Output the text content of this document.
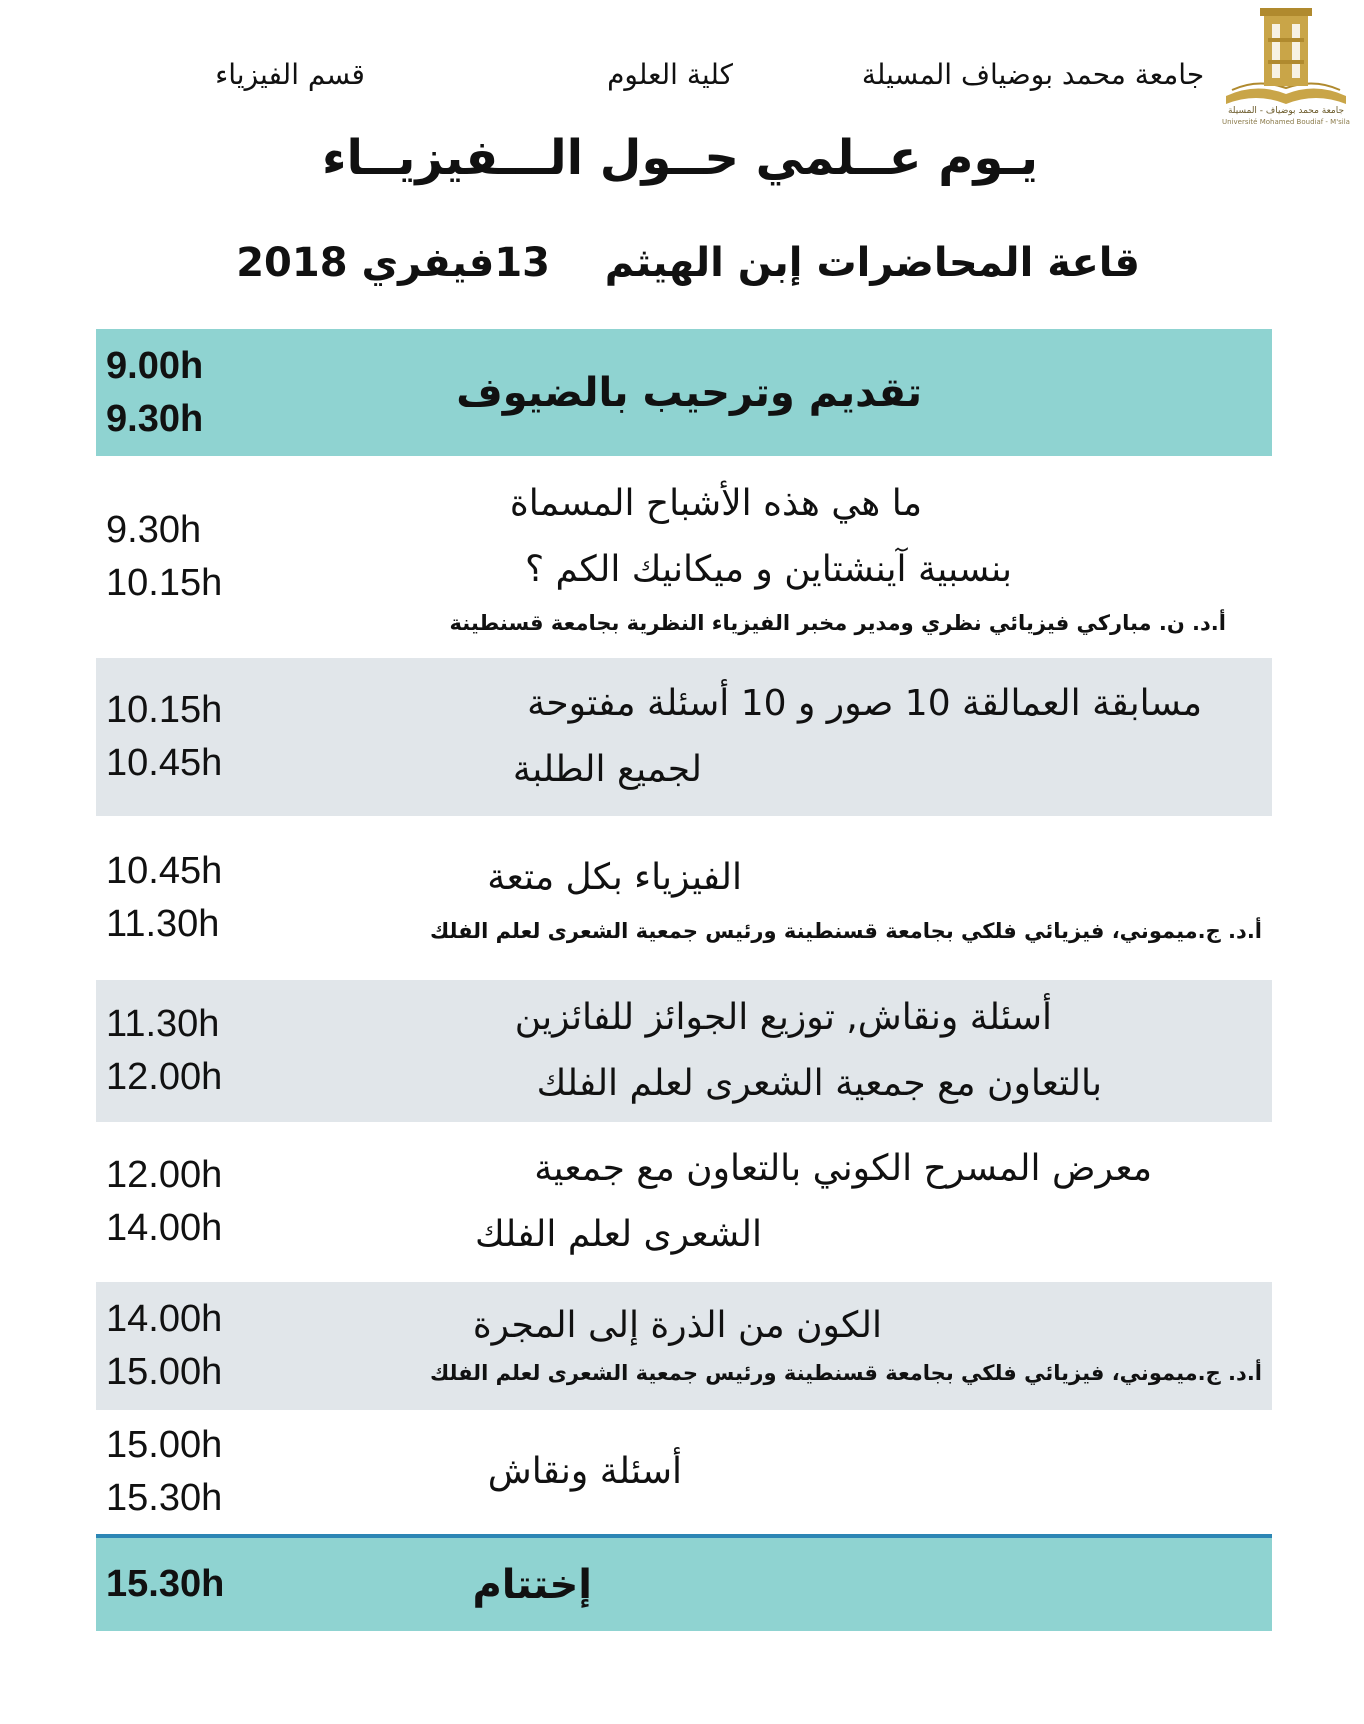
جامعة محمد بوضياف - المسيلة
Université Mohamed Boudiaf - M'sila
جامعة محمد بوضياف المسيلة
كلية العلوم
قسم الفيزياء
يـوم عــلمي حــول الـــفيزيــاء
قاعة المحاضرات إبن الهيثم
13فيفري 2018
9.00h
9.30h
تقديم وترحيب بالضيوف
9.30h
10.15h
ما هي هذه الأشباح المسماة
بنسبية آينشتاين و ميكانيك الكم ؟
أ.د. ن. مباركي فيزيائي نظري ومدير مخبر الفيزياء النظرية بجامعة قسنطينة
10.15h
10.45h
مسابقة العمالقة 10 صور و 10 أسئلة مفتوحة
لجميع الطلبة
10.45h
11.30h
الفيزياء بكل متعة
أ.د. ج.ميموني، فيزيائي فلكي بجامعة قسنطينة ورئيس جمعية الشعرى لعلم الفلك
11.30h
12.00h
أسئلة ونقاش, توزيع الجوائز للفائزين
بالتعاون مع جمعية الشعرى لعلم الفلك
12.00h
14.00h
معرض المسرح الكوني بالتعاون مع جمعية
الشعرى لعلم الفلك
14.00h
15.00h
الكون من الذرة إلى المجرة
أ.د. ج.ميموني، فيزيائي فلكي بجامعة قسنطينة ورئيس جمعية الشعرى لعلم الفلك
15.00h
15.30h
أسئلة ونقاش
15.30h	إختتام
